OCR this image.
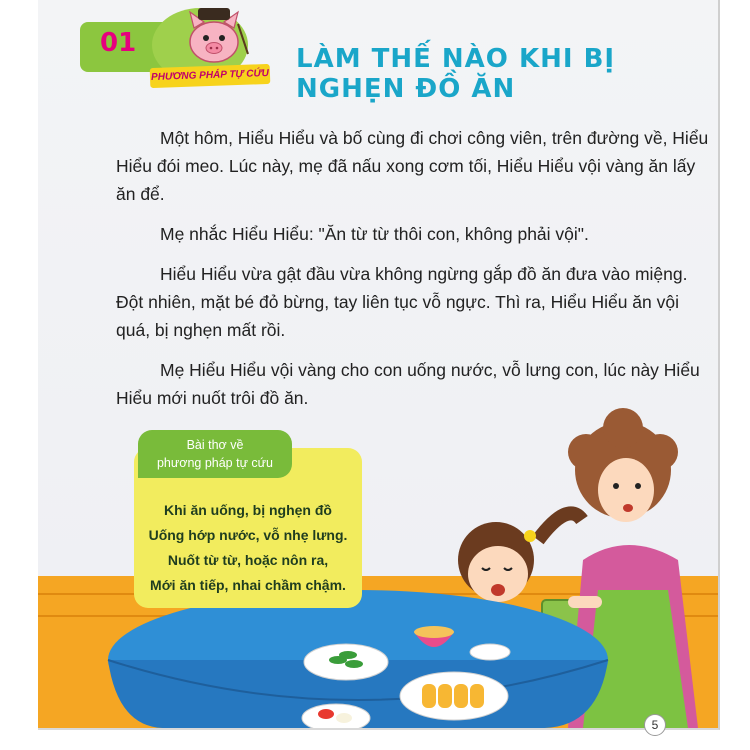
01
PHƯƠNG PHÁP TỰ CỨU
LÀM THẾ NÀO KHI BỊ NGHẸN ĐỒ ĂN

Một hôm, Hiểu Hiểu và bố cùng đi chơi công viên, trên đường về, Hiểu Hiểu đói meo. Lúc này, mẹ đã nấu xong cơm tối, Hiểu Hiểu vội vàng ăn lấy ăn để.

Mẹ nhắc Hiểu Hiểu: "Ăn từ từ thôi con, không phải vội".

Hiểu Hiểu vừa gật đầu vừa không ngừng gắp đồ ăn đưa vào miệng. Đột nhiên, mặt bé đỏ bừng, tay liên tục vỗ ngực. Thì ra, Hiểu Hiểu ăn vội quá, bị nghẹn mất rồi.

Mẹ Hiểu Hiểu vội vàng cho con uống nước, vỗ lưng con, lúc này Hiểu Hiểu mới nuốt trôi đồ ăn.

Bài thơ về
phương pháp tự cứu
Khi ăn uống, bị nghẹn đồ
Uống hớp nước, vỗ nhẹ lưng.
Nuốt từ từ, hoặc nôn ra,
Mới ăn tiếp, nhai chầm chậm.
5
